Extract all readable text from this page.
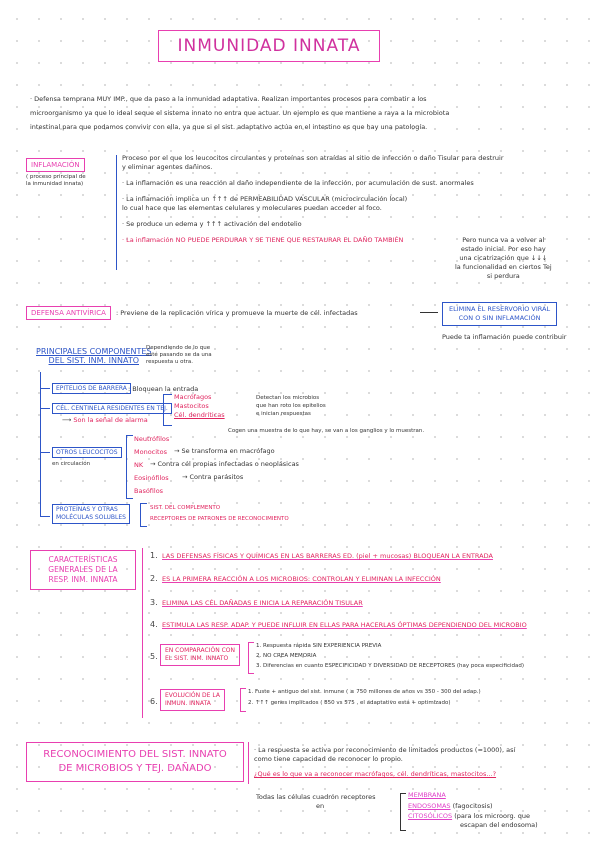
INMUNIDAD INNATA
· Defensa temprana MUY IMP., que da paso a la inmunidad adaptativa. Realizan importantes procesos para combatir a los
microorganismo ya que lo ideal seque el sistema innato no entra que actuar. Un ejemplo es que mantiene a raya a la microbiota
intestinal para que podamos convivir con ella, ya que si el sist. adaptativo actúa en el intestino es que hay una patología.
INFLAMACIÓN
( proceso principal de
la inmunidad innata)
Proceso por el que los leucocitos circulantes y proteínas son atraídas al sitio de infección o daño Tisular para destruir
y eliminar agentes dañinos.
· La inflamación es una reacción al daño independiente de la infección, por acumulación de sust. anormales
· La inflamación implica un ↑↑↑ de PERMEABILIDAD VASCULAR (microcirculación local)
lo cual hace que las elementas celulares y moleculares puedan acceder al foco.
· Se produce un edema y ↑↑↑ activación del endotelio
· La inflamación NO PUEDE PERDURAR Y SE TIENE QUE RESTAURAR EL DAÑO TAMBIÉN	Pero nunca va a volver al
estado inicial. Por eso hay
una cicatrización que ↓↓↓
la funcionalidad en ciertos Tej
si perdura
DEFENSA ANTIVÍRICA	: Previene de la replicación vírica y promueve la muerte de cél. infectadas	ELIMINA EL RESERVORIO VIRAL
CON O SIN INFLAMACIÓN
Puede ta inflamación puede contribuir
PRINCIPALES COMPONENTES
DEL SIST. INM. INNATO
Dependiendo de lo que
esté pasando se da una
respuesta u otra.
EPITELIOS DE BARRERA : Bloquean la entrada
CÉL. CENTINELA RESIDENTES EN TEJ.
⟶ Son la señal de alarma
Macrófagos
Mastocitos
Cél. dendríticas
Detectan los microbios
que han roto los epitelios
e inician respuestas
Cogen una muestra de lo que hay, se van a los ganglios y lo muestran.
OTROS LEUCOCITOS
en circulación
Neutrófilos
Monocitos
NK
Eosinófilos
Basófilos
→ Se transforma en macrófago
→ Contra cél propias infectadas o neoplásicas
→ Contra parásitos
PROTEÍNAS Y OTRAS
MOLÉCULAS SOLUBLES
SIST. DEL COMPLEMENTO
RECEPTORES DE PATRONES DE RECONOCIMIENTO
CARACTERÍSTICAS
GENERALES DE LA
RESP. INM. INNATA
1. LAS DEFENSAS FÍSICAS Y QUÍMICAS EN LAS BARRERAS ED. (piel + mucosas) BLOQUEAN LA ENTRADA
2. ES LA PRIMERA REACCIÓN A LOS MICROBIOS: CONTROLAN Y ELIMINAN LA INFECCIÓN
3. ELIMINA LAS CÉL DAÑADAS E INICIA LA REPARACIÓN TISULAR
4. ESTIMULA LAS RESP. ADAP. Y PUEDE INFLUIR EN ELLAS PARA HACERLAS ÓPTIMAS DEPENDIENDO DEL MICROBIO
5.
EN COMPARACIÓN CON
EL SIST. INM. INNATO
1. Respuesta rápida SIN EXPERIENCIA PREVIA
2. NO CREA MEMORIA
3. Diferencias en cuanto ESPECIFICIDAD Y DIVERSIDAD DE RECEPTORES (hay poca especificidad)
6.
EVOLUCIÓN DE LA
INMUN. INNATA
1. Fuste + antiguo del sist. inmune ( ≥ 750 millones de años vs 350 - 300 del adap.)
2. ↑↑↑ genes implicados ( 850 vs 575 , el adaptativo está + optimizado)
RECONOCIMIENTO DEL SIST. INNATO
DE MICROBIOS Y TEJ. DAÑADO
· La respuesta se activa por reconocimiento de limitados productos (≈1000), así
como tiene capacidad de reconocer lo propio.
¿Qué es lo que va a reconocer macrófagos, cél. dendríticas, mastocitos...?
Todas las células cuadrón receptores
en
MEMBRANA
ENDOSOMAS (fagocitosis)
CITOSÓLICOS (para los microorg. que
escapan del endosoma)
